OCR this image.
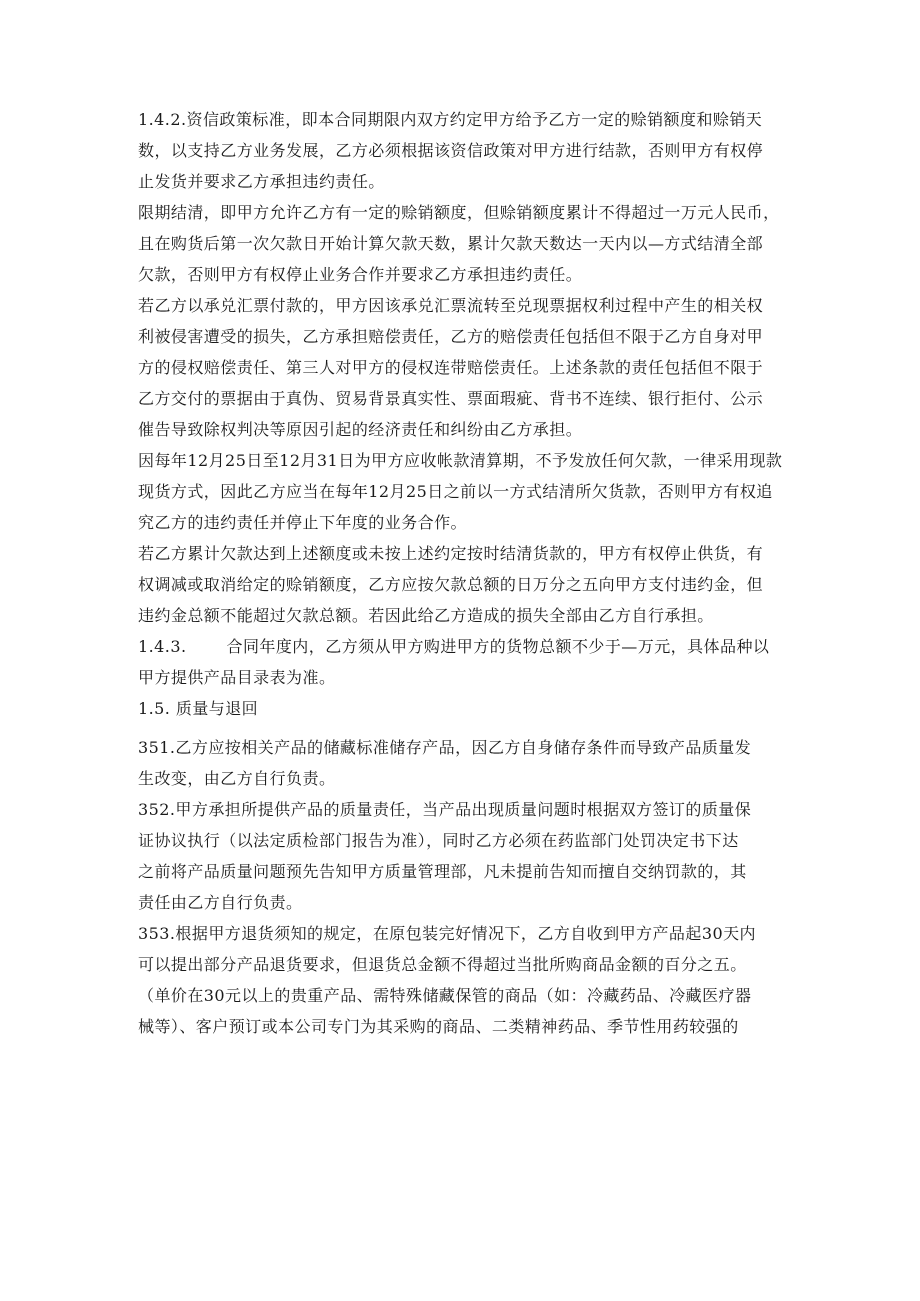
1.4.2.资信政策标准，即本合同期限内双方约定甲方给予乙方一定的赊销额度和赊销天
数，以支持乙方业务发展，乙方必须根据该资信政策对甲方进行结款，否则甲方有权停
止发货并要求乙方承担违约责任。
限期结清，即甲方允许乙方有一定的赊销额度，但赊销额度累计不得超过一万元人民币，
且在购货后第一次欠款日开始计算欠款天数，累计欠款天数达一天内以—方式结清全部
欠款，否则甲方有权停止业务合作并要求乙方承担违约责任。
若乙方以承兑汇票付款的，甲方因该承兑汇票流转至兑现票据权利过程中产生的相关权
利被侵害遭受的损失，乙方承担赔偿责任，乙方的赔偿责任包括但不限于乙方自身对甲
方的侵权赔偿责任、第三人对甲方的侵权连带赔偿责任。上述条款的责任包括但不限于
乙方交付的票据由于真伪、贸易背景真实性、票面瑕疵、背书不连续、银行拒付、公示
催告导致除权判决等原因引起的经济责任和纠纷由乙方承担。
因每年12月25日至12月31日为甲方应收帐款清算期，不予发放任何欠款，一律采用现款
现货方式，因此乙方应当在每年12月25日之前以一方式结清所欠货款，否则甲方有权追
究乙方的违约责任并停止下年度的业务合作。
若乙方累计欠款达到上述额度或未按上述约定按时结清货款的，甲方有权停止供货，有
权调减或取消给定的赊销额度，乙方应按欠款总额的日万分之五向甲方支付违约金，但
违约金总额不能超过欠款总额。若因此给乙方造成的损失全部由乙方自行承担。
1.4.3.	合同年度内，乙方须从甲方购进甲方的货物总额不少于—万元，具体品种以
甲方提供产品目录表为准。
1.5. 质量与退回
351.乙方应按相关产品的储藏标准储存产品，因乙方自身储存条件而导致产品质量发
生改变，由乙方自行负责。
352.甲方承担所提供产品的质量责任，当产品出现质量问题时根据双方签订的质量保
证协议执行（以法定质检部门报告为准），同时乙方必须在药监部门处罚决定书下达
之前将产品质量问题预先告知甲方质量管理部，凡未提前告知而擅自交纳罚款的，其
责任由乙方自行负责。
353.根据甲方退货须知的规定，在原包装完好情况下，乙方自收到甲方产品起30天内
可以提出部分产品退货要求，但退货总金额不得超过当批所购商品金额的百分之五。
（单价在30元以上的贵重产品、需特殊储藏保管的商品（如：冷藏药品、冷藏医疗器
械等）、客户预订或本公司专门为其采购的商品、二类精神药品、季节性用药较强的
